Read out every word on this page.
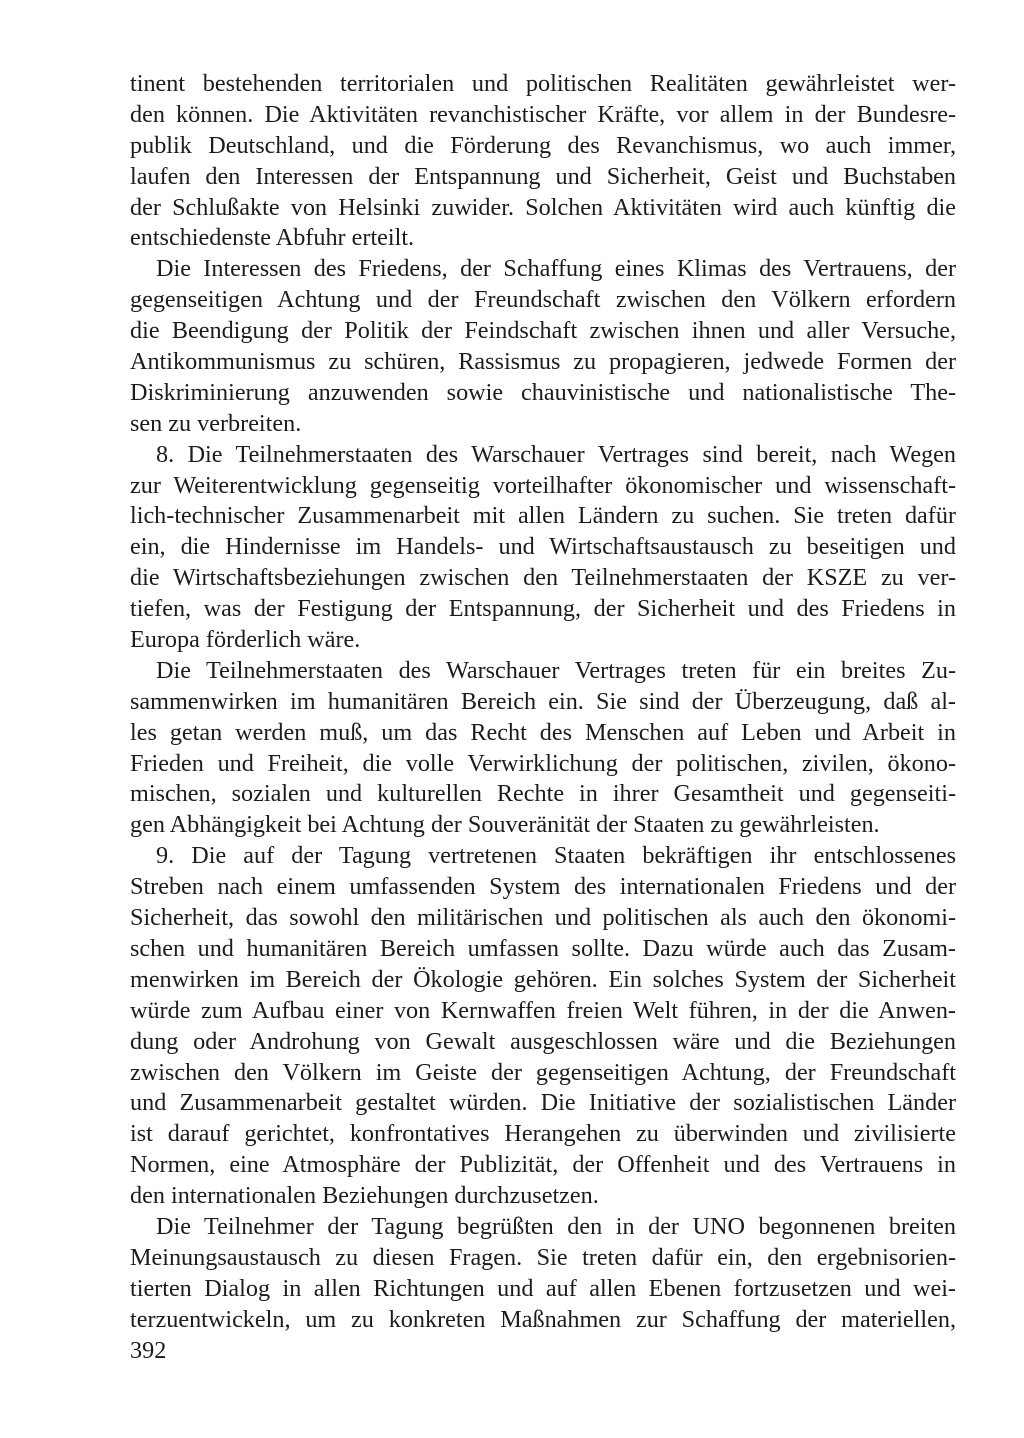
tinent bestehenden territorialen und politischen Realitäten gewährleistet wer-
den können. Die Aktivitäten revanchistischer Kräfte, vor allem in der Bundesre-
publik Deutschland, und die Förderung des Revanchismus, wo auch immer,
laufen den Interessen der Entspannung und Sicherheit, Geist und Buchstaben
der Schlußakte von Helsinki zuwider. Solchen Aktivitäten wird auch künftig die
entschiedenste Abfuhr erteilt.
Die Interessen des Friedens, der Schaffung eines Klimas des Vertrauens, der
gegenseitigen Achtung und der Freundschaft zwischen den Völkern erfordern
die Beendigung der Politik der Feindschaft zwischen ihnen und aller Versuche,
Antikommunismus zu schüren, Rassismus zu propagieren, jedwede Formen der
Diskriminierung anzuwenden sowie chauvinistische und nationalistische The-
sen zu verbreiten.
8. Die Teilnehmerstaaten des Warschauer Vertrages sind bereit, nach Wegen
zur Weiterentwicklung gegenseitig vorteilhafter ökonomischer und wissenschaft-
lich-technischer Zusammenarbeit mit allen Ländern zu suchen. Sie treten dafür
ein, die Hindernisse im Handels- und Wirtschaftsaustausch zu beseitigen und
die Wirtschaftsbeziehungen zwischen den Teilnehmerstaaten der KSZE zu ver-
tiefen, was der Festigung der Entspannung, der Sicherheit und des Friedens in
Europa förderlich wäre.
Die Teilnehmerstaaten des Warschauer Vertrages treten für ein breites Zu-
sammenwirken im humanitären Bereich ein. Sie sind der Überzeugung, daß al-
les getan werden muß, um das Recht des Menschen auf Leben und Arbeit in
Frieden und Freiheit, die volle Verwirklichung der politischen, zivilen, ökono-
mischen, sozialen und kulturellen Rechte in ihrer Gesamtheit und gegenseiti-
gen Abhängigkeit bei Achtung der Souveränität der Staaten zu gewährleisten.
9. Die auf der Tagung vertretenen Staaten bekräftigen ihr entschlossenes
Streben nach einem umfassenden System des internationalen Friedens und der
Sicherheit, das sowohl den militärischen und politischen als auch den ökonomi-
schen und humanitären Bereich umfassen sollte. Dazu würde auch das Zusam-
menwirken im Bereich der Ökologie gehören. Ein solches System der Sicherheit
würde zum Aufbau einer von Kernwaffen freien Welt führen, in der die Anwen-
dung oder Androhung von Gewalt ausgeschlossen wäre und die Beziehungen
zwischen den Völkern im Geiste der gegenseitigen Achtung, der Freundschaft
und Zusammenarbeit gestaltet würden. Die Initiative der sozialistischen Länder
ist darauf gerichtet, konfrontatives Herangehen zu überwinden und zivilisierte
Normen, eine Atmosphäre der Publizität, der Offenheit und des Vertrauens in
den internationalen Beziehungen durchzusetzen.
Die Teilnehmer der Tagung begrüßten den in der UNO begonnenen breiten
Meinungsaustausch zu diesen Fragen. Sie treten dafür ein, den ergebnisorien-
tierten Dialog in allen Richtungen und auf allen Ebenen fortzusetzen und wei-
terzuentwickeln, um zu konkreten Maßnahmen zur Schaffung der materiellen,
392
